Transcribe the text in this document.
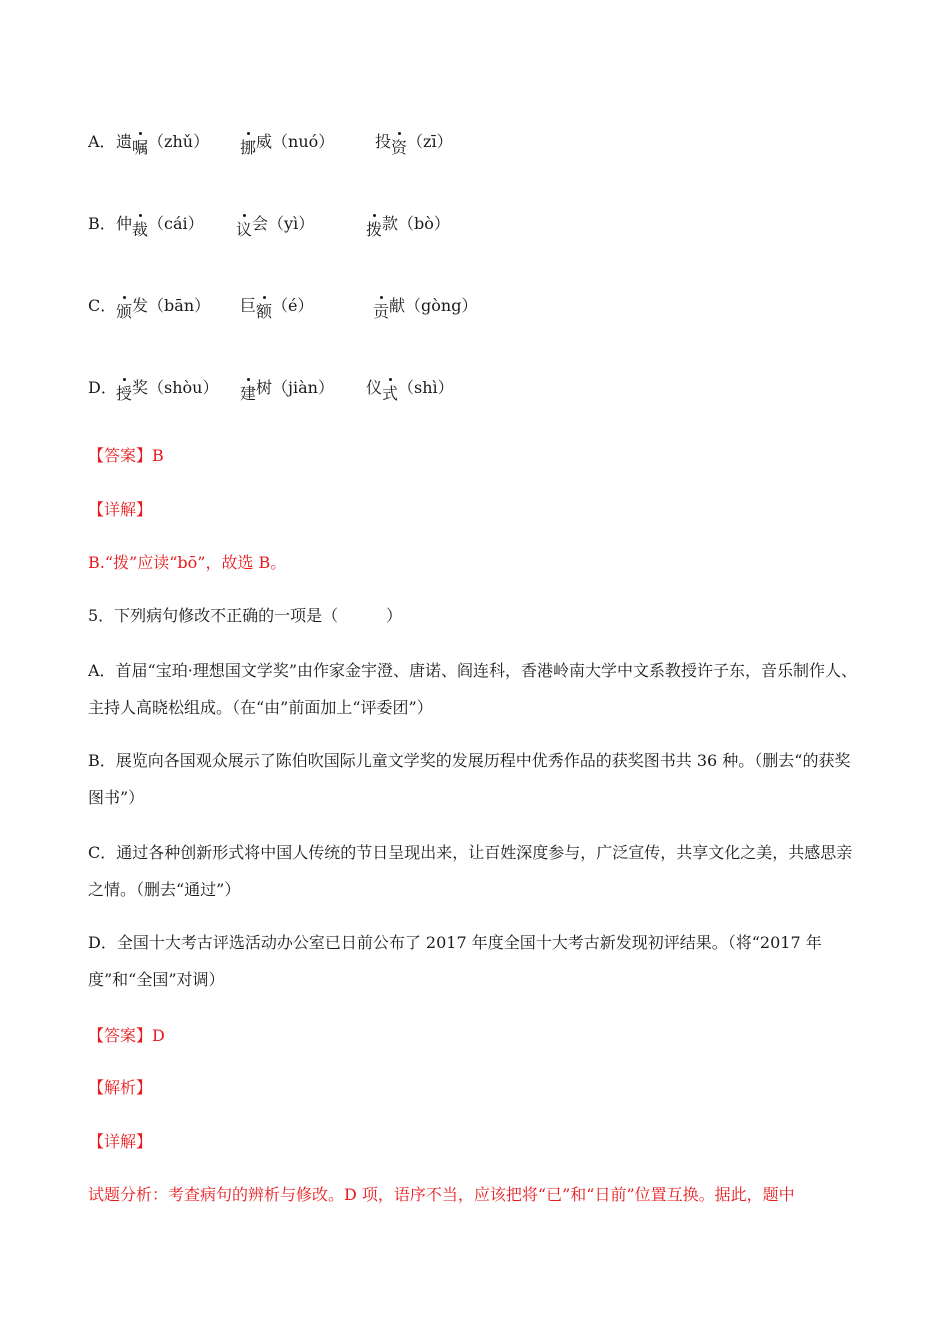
A． 遗嘱（zhǔ） 挪威（nuó）	投资（zī）
B． 仲裁（cái） 议会（yì）	拨款（bò）
C． 颁发（bān） 巨额（é）	贡献（gòng）
D． 授奖（shòu） 建树（jiàn） 仪式（shì）
【答案】B
【详解】
B.“拨”应读“bō”，故选 B。
5．下列病句修改不正确的一项是（　　　）

A．首届“宝珀·理想国文学奖”由作家金宇澄、唐诺、阎连科，香港岭南大学中文系教授许子东，音乐制作人、主持人高晓松组成。（在“由”前面加上“评委团”）

B．展览向各国观众展示了陈伯吹国际儿童文学奖的发展历程中优秀作品的获奖图书共 36 种。（删去“的获奖图书”）

C．通过各种创新形式将中国人传统的节日呈现出来，让百姓深度参与，广泛宣传，共享文化之美，共感思亲之情。（删去“通过”）

D．全国十大考古评选活动办公室已日前公布了 2017 年度全国十大考古新发现初评结果。（将“2017 年度”和“全国”对调）

【答案】D
【解析】
【详解】
试题分析：考查病句的辨析与修改。D 项，语序不当，应该把将“已”和“日前”位置互换。据此，题中
